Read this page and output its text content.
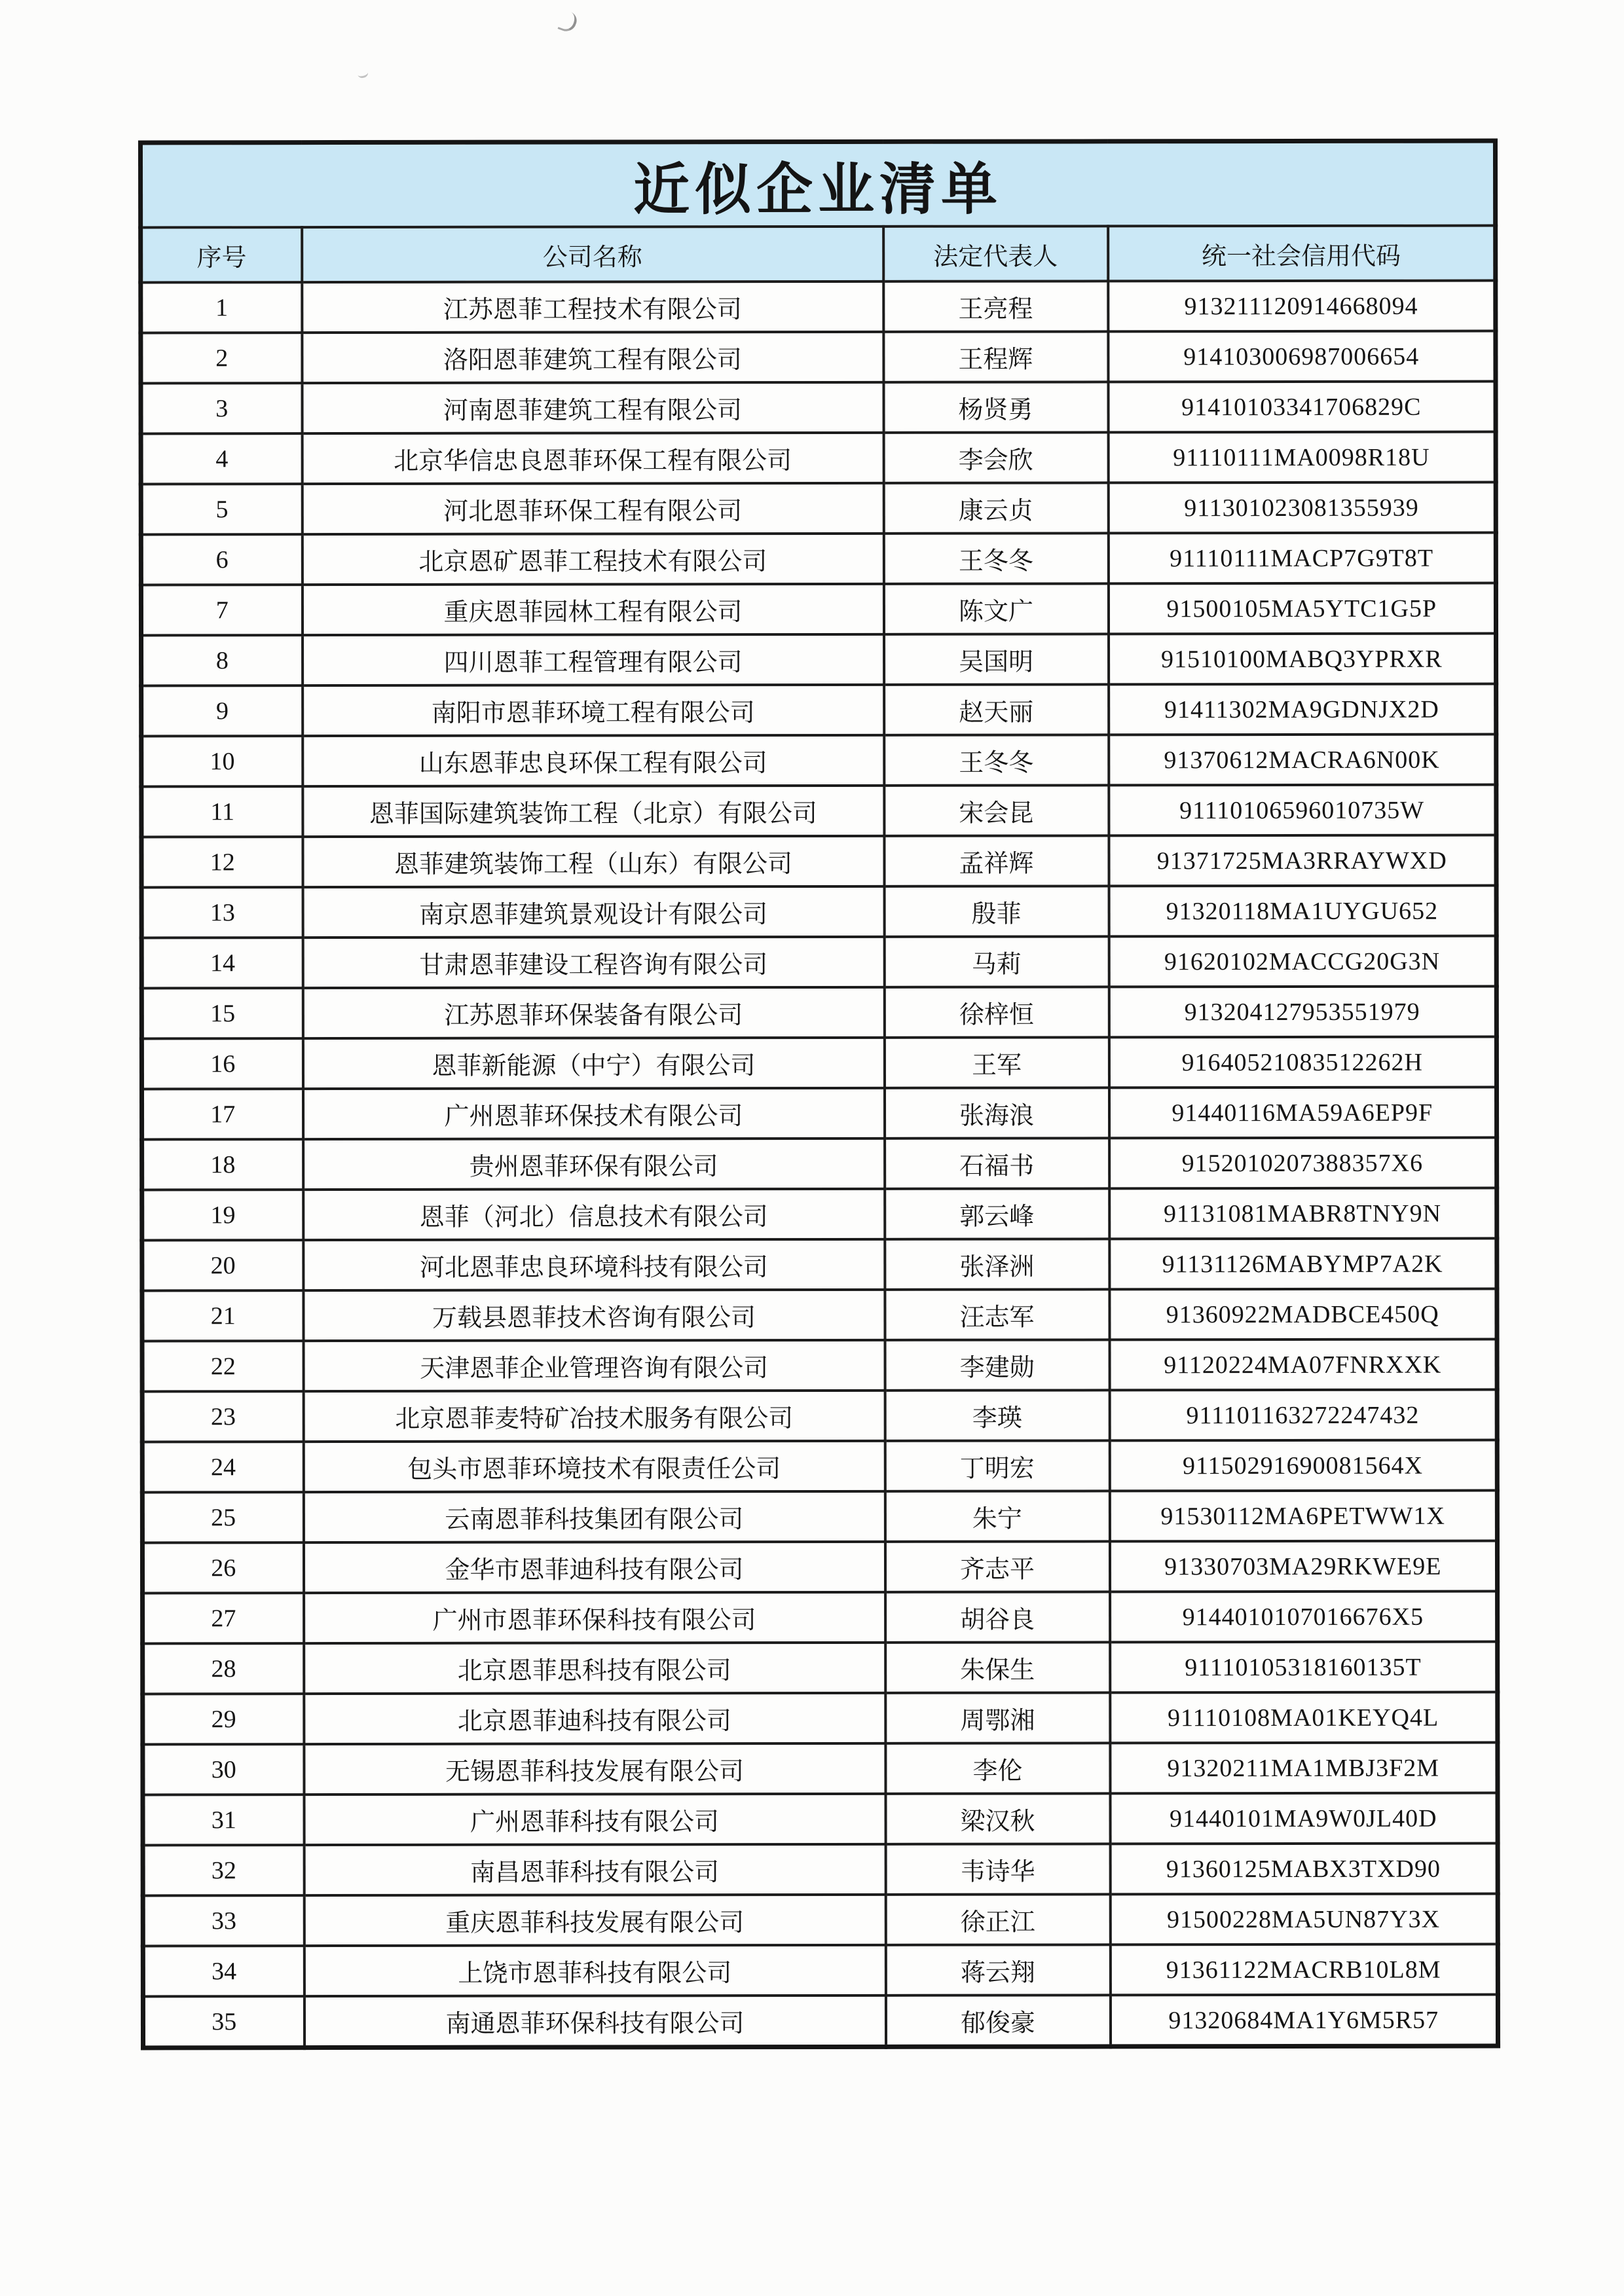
近似企业清单			
序号	公司名称	法定代表人	统一社会信用代码
1	江苏恩菲工程技术有限公司	王亮程	913211120914668094
2	洛阳恩菲建筑工程有限公司	王程辉	914103006987006654
3	河南恩菲建筑工程有限公司	杨贤勇	91410103341706829C
4	北京华信忠良恩菲环保工程有限公司	李会欣	91110111MA0098R18U
5	河北恩菲环保工程有限公司	康云贞	911301023081355939
6	北京恩矿恩菲工程技术有限公司	王冬冬	91110111MACP7G9T8T
7	重庆恩菲园林工程有限公司	陈文广	91500105MA5YTC1G5P
8	四川恩菲工程管理有限公司	吴国明	91510100MABQ3YPRXR
9	南阳市恩菲环境工程有限公司	赵天丽	91411302MA9GDNJX2D
10	山东恩菲忠良环保工程有限公司	王冬冬	91370612MACRA6N00K
11	恩菲国际建筑装饰工程（北京）有限公司	宋会昆	91110106596010735W
12	恩菲建筑装饰工程（山东）有限公司	孟祥辉	91371725MA3RRAYWXD
13	南京恩菲建筑景观设计有限公司	殷菲	91320118MA1UYGU652
14	甘肃恩菲建设工程咨询有限公司	马莉	91620102MACCG20G3N
15	江苏恩菲环保装备有限公司	徐梓恒	913204127953551979
16	恩菲新能源（中宁）有限公司	王军	91640521083512262H
17	广州恩菲环保技术有限公司	张海浪	91440116MA59A6EP9F
18	贵州恩菲环保有限公司	石福书	9152010207388357X6
19	恩菲（河北）信息技术有限公司	郭云峰	91131081MABR8TNY9N
20	河北恩菲忠良环境科技有限公司	张泽洲	91131126MABYMP7A2K
21	万载县恩菲技术咨询有限公司	汪志军	91360922MADBCE450Q
22	天津恩菲企业管理咨询有限公司	李建勋	91120224MA07FNRXXK
23	北京恩菲麦特矿冶技术服务有限公司	李瑛	911101163272247432
24	包头市恩菲环境技术有限责任公司	丁明宏	91150291690081564X
25	云南恩菲科技集团有限公司	朱宁	91530112MA6PETWW1X
26	金华市恩菲迪科技有限公司	齐志平	91330703MA29RKWE9E
27	广州市恩菲环保科技有限公司	胡谷良	9144010107016676X5
28	北京恩菲思科技有限公司	朱保生	91110105318160135T
29	北京恩菲迪科技有限公司	周鄂湘	91110108MA01KEYQ4L
30	无锡恩菲科技发展有限公司	李伦	91320211MA1MBJ3F2M
31	广州恩菲科技有限公司	梁汉秋	91440101MA9W0JL40D
32	南昌恩菲科技有限公司	韦诗华	91360125MABX3TXD90
33	重庆恩菲科技发展有限公司	徐正江	91500228MA5UN87Y3X
34	上饶市恩菲科技有限公司	蒋云翔	91361122MACRB10L8M
35	南通恩菲环保科技有限公司	郁俊豪	91320684MA1Y6M5R57
